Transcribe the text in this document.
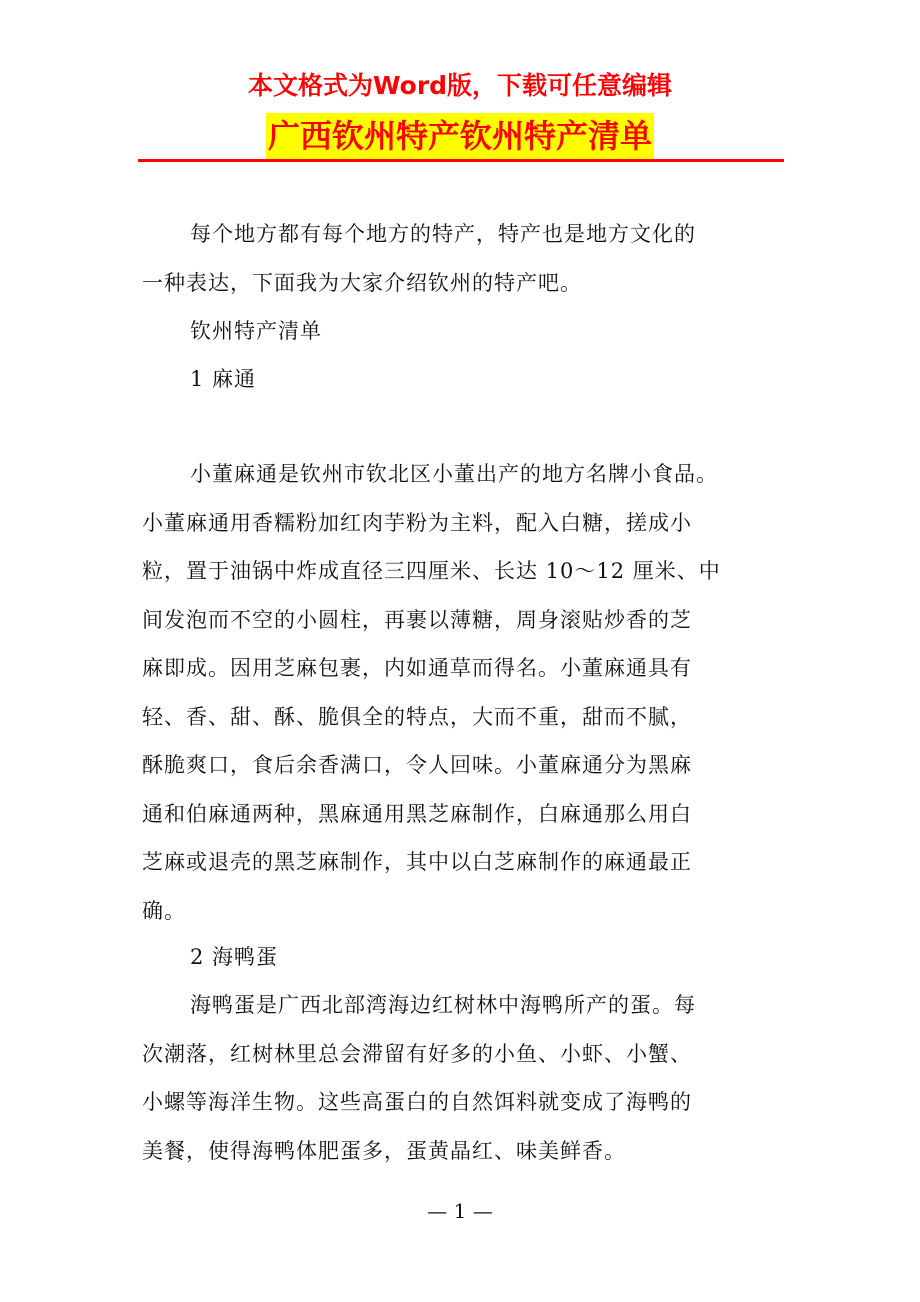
本文格式为Word版，下载可任意编辑
广西钦州特产钦州特产清单
每个地方都有每个地方的特产，特产也是地方文化的
一种表达，下面我为大家介绍钦州的特产吧。
钦州特产清单
1 麻通
小董麻通是钦州市钦北区小董出产的地方名牌小食品。
小董麻通用香糯粉加红肉芋粉为主料，配入白糖，搓成小
粒，置于油锅中炸成直径三四厘米、长达 10～12 厘米、中
间发泡而不空的小圆柱，再裹以薄糖，周身滚贴炒香的芝
麻即成。因用芝麻包裹，内如通草而得名。小董麻通具有
轻、香、甜、酥、脆俱全的特点，大而不重，甜而不腻，
酥脆爽口，食后余香满口，令人回味。小董麻通分为黑麻
通和伯麻通两种，黑麻通用黑芝麻制作，白麻通那么用白
芝麻或退壳的黑芝麻制作，其中以白芝麻制作的麻通最正
确。
2 海鸭蛋
海鸭蛋是广西北部湾海边红树林中海鸭所产的蛋。每
次潮落，红树林里总会滞留有好多的小鱼、小虾、小蟹、
小螺等海洋生物。这些高蛋白的自然饵料就变成了海鸭的
美餐，使得海鸭体肥蛋多，蛋黄晶红、味美鲜香。
— 1 —
